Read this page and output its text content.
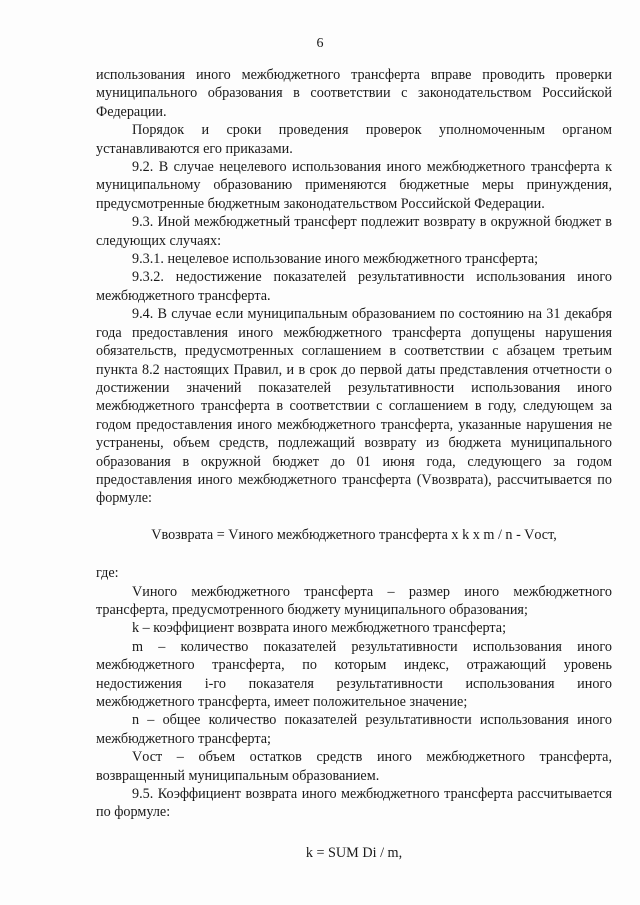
6

использования иного межбюджетного трансферта вправе проводить проверки муниципального образования в соответствии с законодательством Российской Федерации.

Порядок и сроки проведения проверок уполномоченным органом устанавливаются его приказами.

9.2. В случае нецелевого использования иного межбюджетного трансферта к муниципальному образованию применяются бюджетные меры принуждения, предусмотренные бюджетным законодательством Российской Федерации.

9.3. Иной межбюджетный трансферт подлежит возврату в окружной бюджет в следующих случаях:

9.3.1. нецелевое использование иного межбюджетного трансферта;

9.3.2. недостижение показателей результативности использования иного межбюджетного трансферта.

9.4. В случае если муниципальным образованием по состоянию на 31 декабря года предоставления иного межбюджетного трансферта допущены нарушения обязательств, предусмотренных соглашением в соответствии с абзацем третьим пункта 8.2 настоящих Правил, и в срок до первой даты представления отчетности о достижении значений показателей результативности использования иного межбюджетного трансферта в соответствии с соглашением в году, следующем за годом предоставления иного межбюджетного трансферта, указанные нарушения не устранены, объем средств, подлежащий возврату из бюджета муниципального образования в окружной бюджет до 01 июня года, следующего за годом предоставления иного межбюджетного трансферта (Vвозврата), рассчитывается по формуле:

Vвозврата = Vиного межбюджетного трансферта x k x m / n - Vост,

где:

Vиного межбюджетного трансферта – размер иного межбюджетного трансферта, предусмотренного бюджету муниципального образования;

k – коэффициент возврата иного межбюджетного трансферта;

m – количество показателей результативности использования иного межбюджетного трансферта, по которым индекс, отражающий уровень недостижения i-го показателя результативности использования иного межбюджетного трансферта, имеет положительное значение;

n – общее количество показателей результативности использования иного межбюджетного трансферта;

Vост – объем остатков средств иного межбюджетного трансферта, возвращенный муниципальным образованием.

9.5. Коэффициент возврата иного межбюджетного трансферта рассчитывается по формуле:

k = SUM Di / m,
